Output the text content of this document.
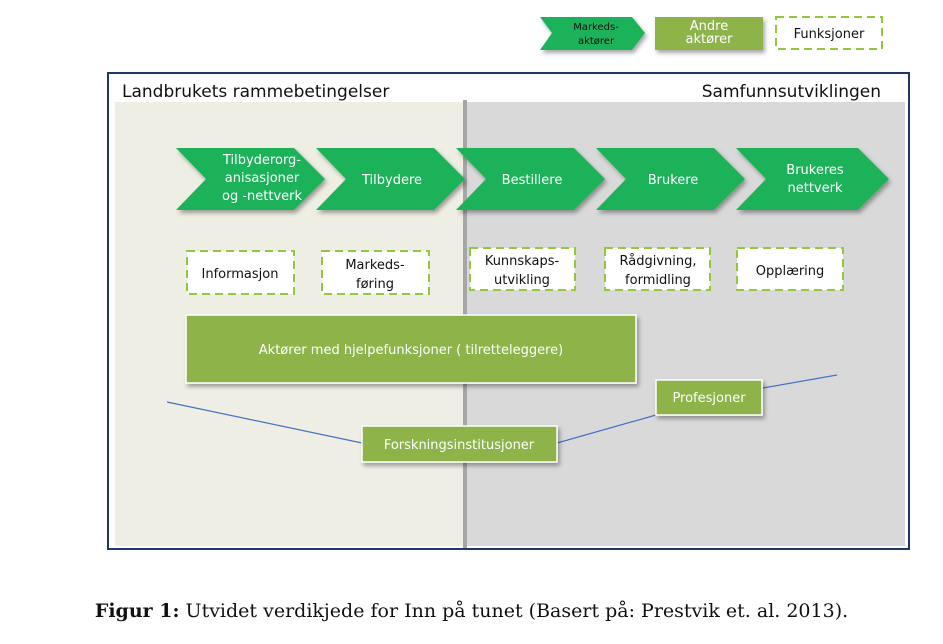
Markeds-
aktører
Andre
aktører	Funksjoner
Landbrukets rammebetingelser	Samfunnsutviklingen
Tilbyderorg-
anisasjoner
og -nettverk
Tilbydere	Bestillere	Brukere
Brukeres
nettverk
Informasjon
Markeds-
føring
Kunnskaps-
utvikling
Rådgivning,
formidling
Opplæring
Aktører med hjelpefunksjoner ( tilretteleggere)
Forskningsinstitusjoner
Profesjoner
Figur 1: Utvidet verdikjede for Inn på tunet (Basert på: Prestvik et. al. 2013).
